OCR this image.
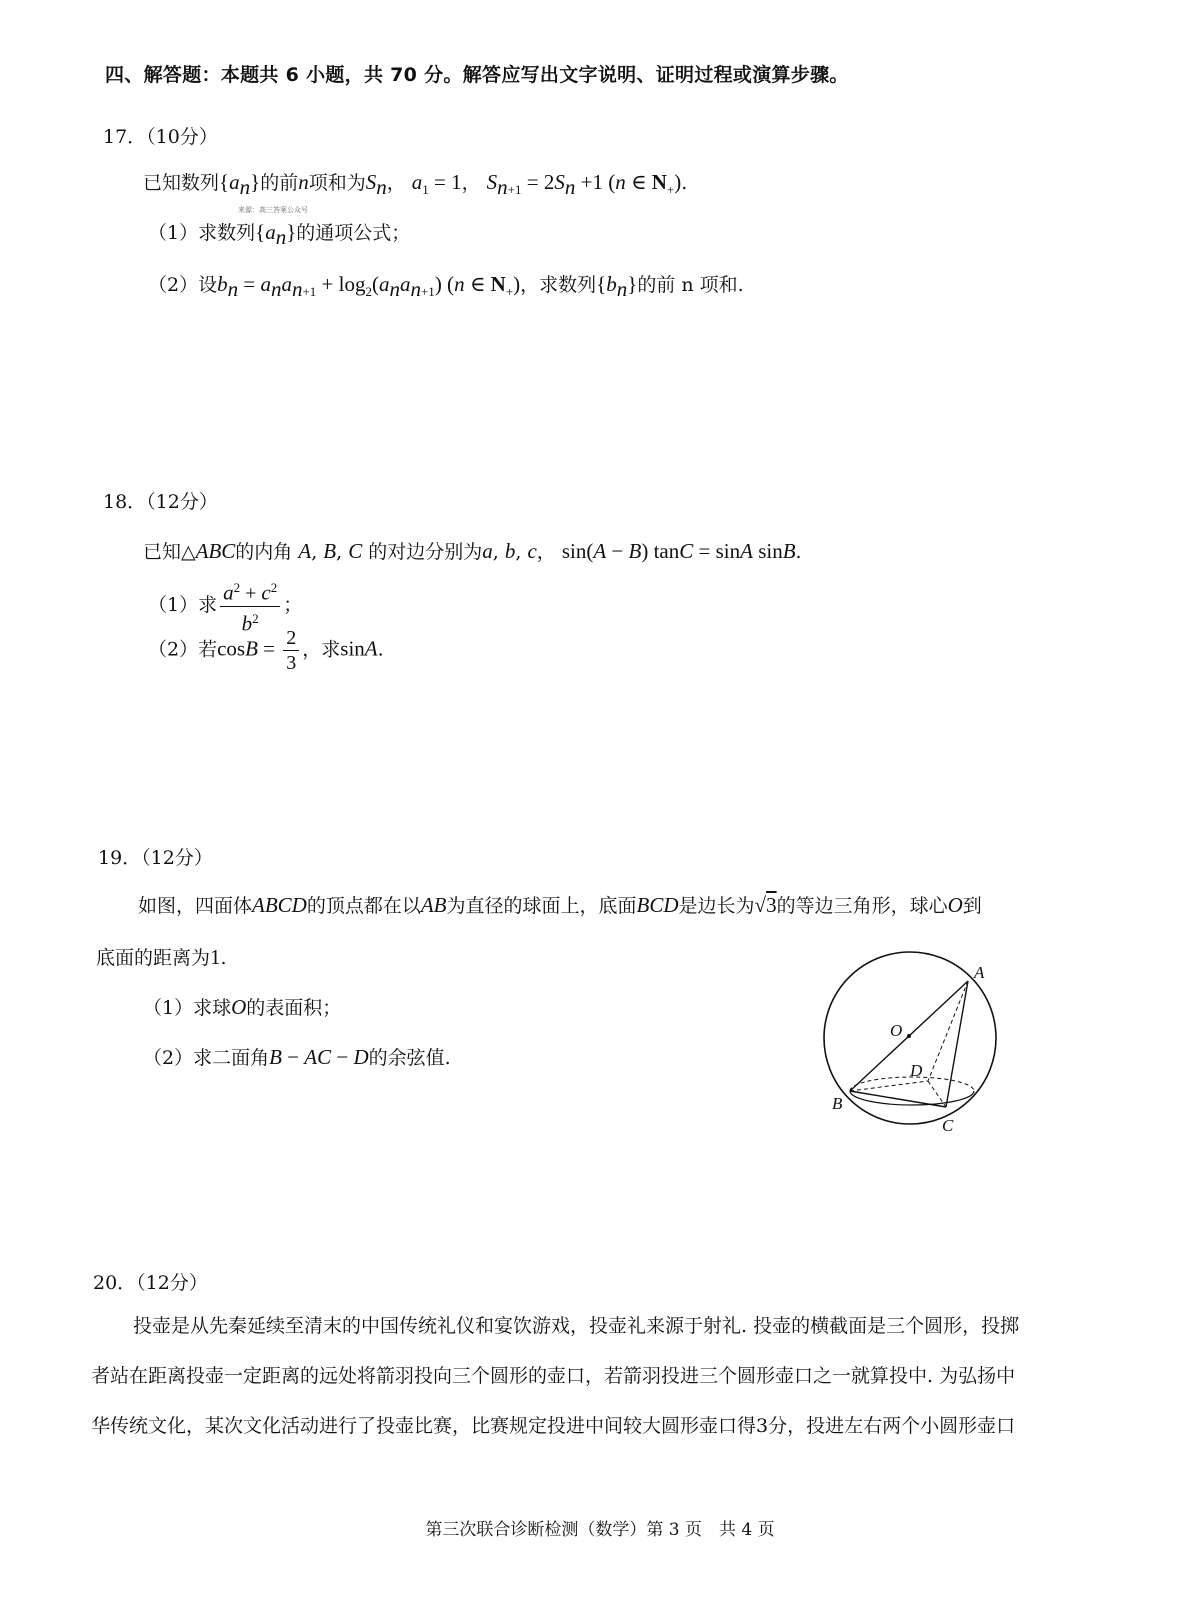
四、解答题：本题共 6 小题，共 70 分。解答应写出文字说明、证明过程或演算步骤。
17．（10分）
已知数列$\{a_n\}$的前n项和为$S_n$， $a_1 = 1$， $S_{n+1} = 2S_n +1$ (n ∈ $N_+$).
来源：高三答案公众号
（1）求数列$\{a_n\}$的通项公式；
（2）设$b_n = a_na_{n+1} + \log_2(a_na_{n+1})$ (n ∈ $N_+$)，求数列$\{b_n\}$的前 n 项和.
18．（12分）
已知△ABC的内角 A, B, C 的对边分别为a, b, c， sin(A − B) tanC = sinA sinB.
（1）求 $\frac{a^2 + c^2}{b^2}$ ；
（2）若$\cos B = \frac{2}{3}$ ，求sinA.
19．（12分）
如图，四面体ABCD的顶点都在以AB为直径的球面上，底面BCD是边长为√3的等边三角形，球心O到
底面的距离为1.
（1）求球O的表面积；
（2）求二面角B − AC − D的余弦值.
A
O
D
B
C
20．（12分）
投壶是从先秦延续至清末的中国传统礼仪和宴饮游戏，投壶礼来源于射礼. 投壶的横截面是三个圆形，投掷
者站在距离投壶一定距离的远处将箭羽投向三个圆形的壶口，若箭羽投进三个圆形壶口之一就算投中. 为弘扬中
华传统文化，某次文化活动进行了投壶比赛，比赛规定投进中间较大圆形壶口得3分，投进左右两个小圆形壶口
第三次联合诊断检测（数学）第 3 页　共 4 页
